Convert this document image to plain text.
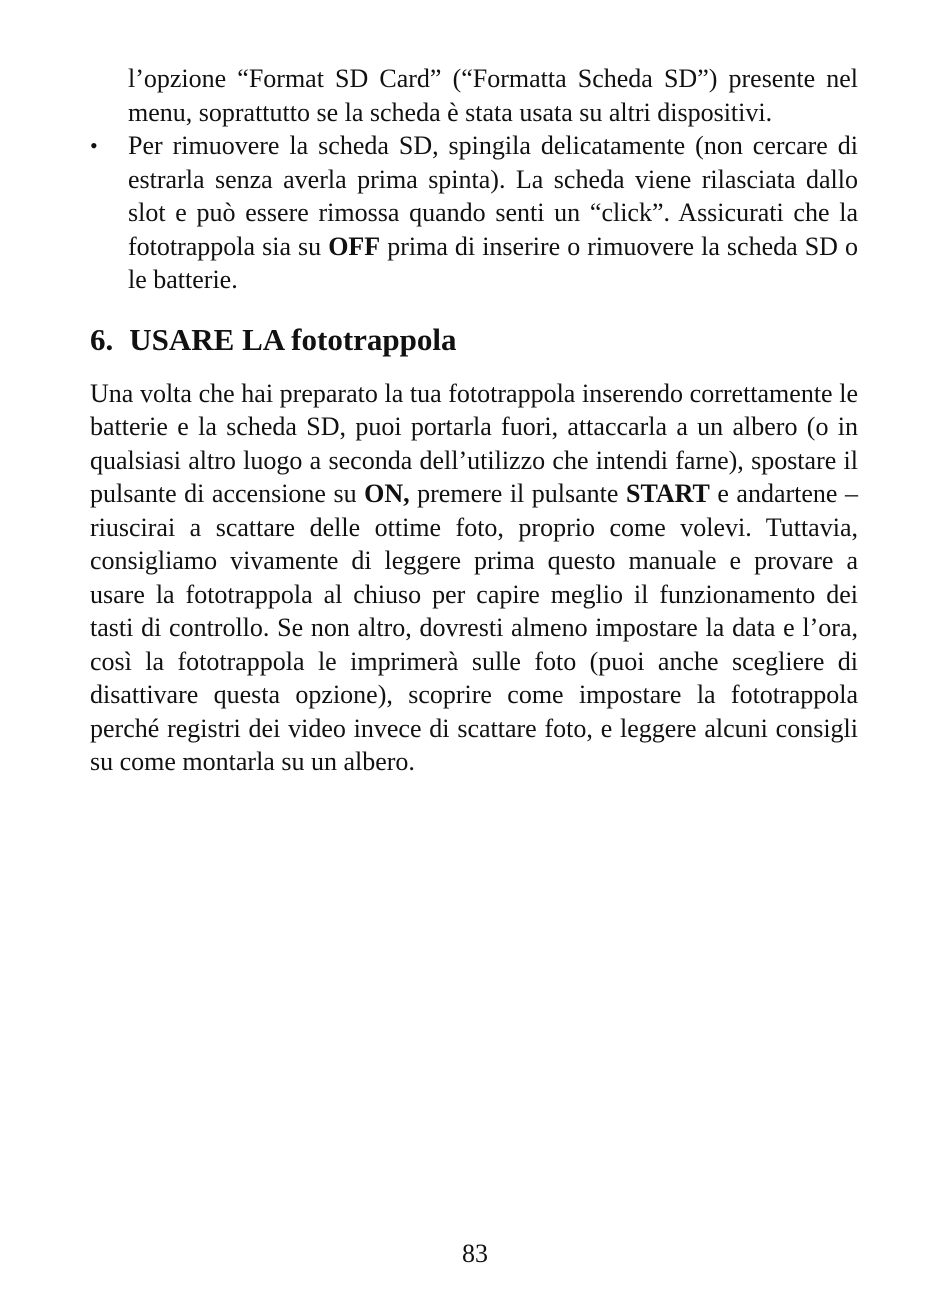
l’opzione “Format SD Card” (“Formatta Scheda SD”) presente nel menu, soprattutto se la scheda è stata usata su altri dispositivi.

• Per rimuovere la scheda SD, spingila delicatamente (non cercare di estrarla senza averla prima spinta). La scheda viene rilasciata dallo slot e può essere rimossa quando senti un “click”. Assicurati che la fototrappola sia su OFF prima di inserire o rimuovere la scheda SD o le batterie.

6. USARE LA fototrappola

Una volta che hai preparato la tua fototrappola inserendo correttamente le batterie e la scheda SD, puoi portarla fuori, attaccarla a un albero (o in qualsiasi altro luogo a seconda dell’utilizzo che intendi farne), spostare il pulsante di accensione su ON, premere il pulsante START e andartene – riuscirai a scattare delle ottime foto, proprio come volevi. Tuttavia, consigliamo vivamente di leggere prima questo manuale e provare a usare la fototrappola al chiuso per capire meglio il funzionamento dei tasti di controllo. Se non altro, dovresti almeno impostare la data e l’ora, così la fototrappola le imprimerà sulle foto (puoi anche scegliere di disattivare questa opzione), scoprire come impostare la fototrappola perché registri dei video invece di scattare foto, e leggere alcuni consigli su come montarla su un albero.

83
